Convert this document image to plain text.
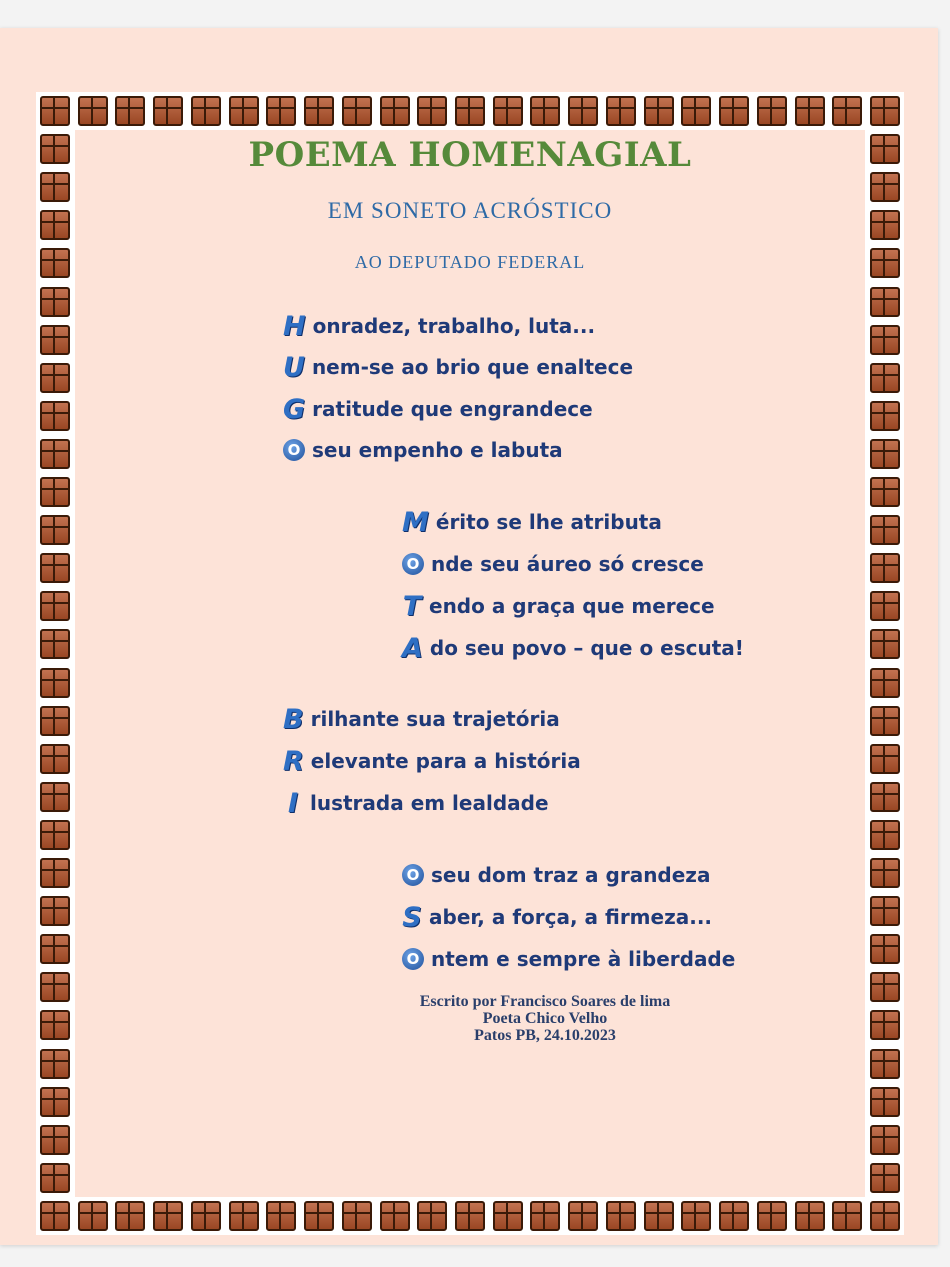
POEMA HOMENAGIAL
EM SONETO ACRÓSTICO
AO DEPUTADO FEDERAL
H onradez, trabalho, luta...
U nem-se ao brio que enaltece
G ratitude que engrandece
O seu empenho e labuta
M érito se lhe atributa
O nde seu áureo só cresce
T endo a graça que merece
A do seu povo – que o escuta!
B rilhante sua trajetória
R elevante para a história
I lustrada em lealdade
O seu dom traz a grandeza
S aber, a força, a firmeza...
O ntem e sempre à liberdade
Escrito por Francisco Soares de lima
Poeta Chico Velho
Patos PB, 24.10.2023
